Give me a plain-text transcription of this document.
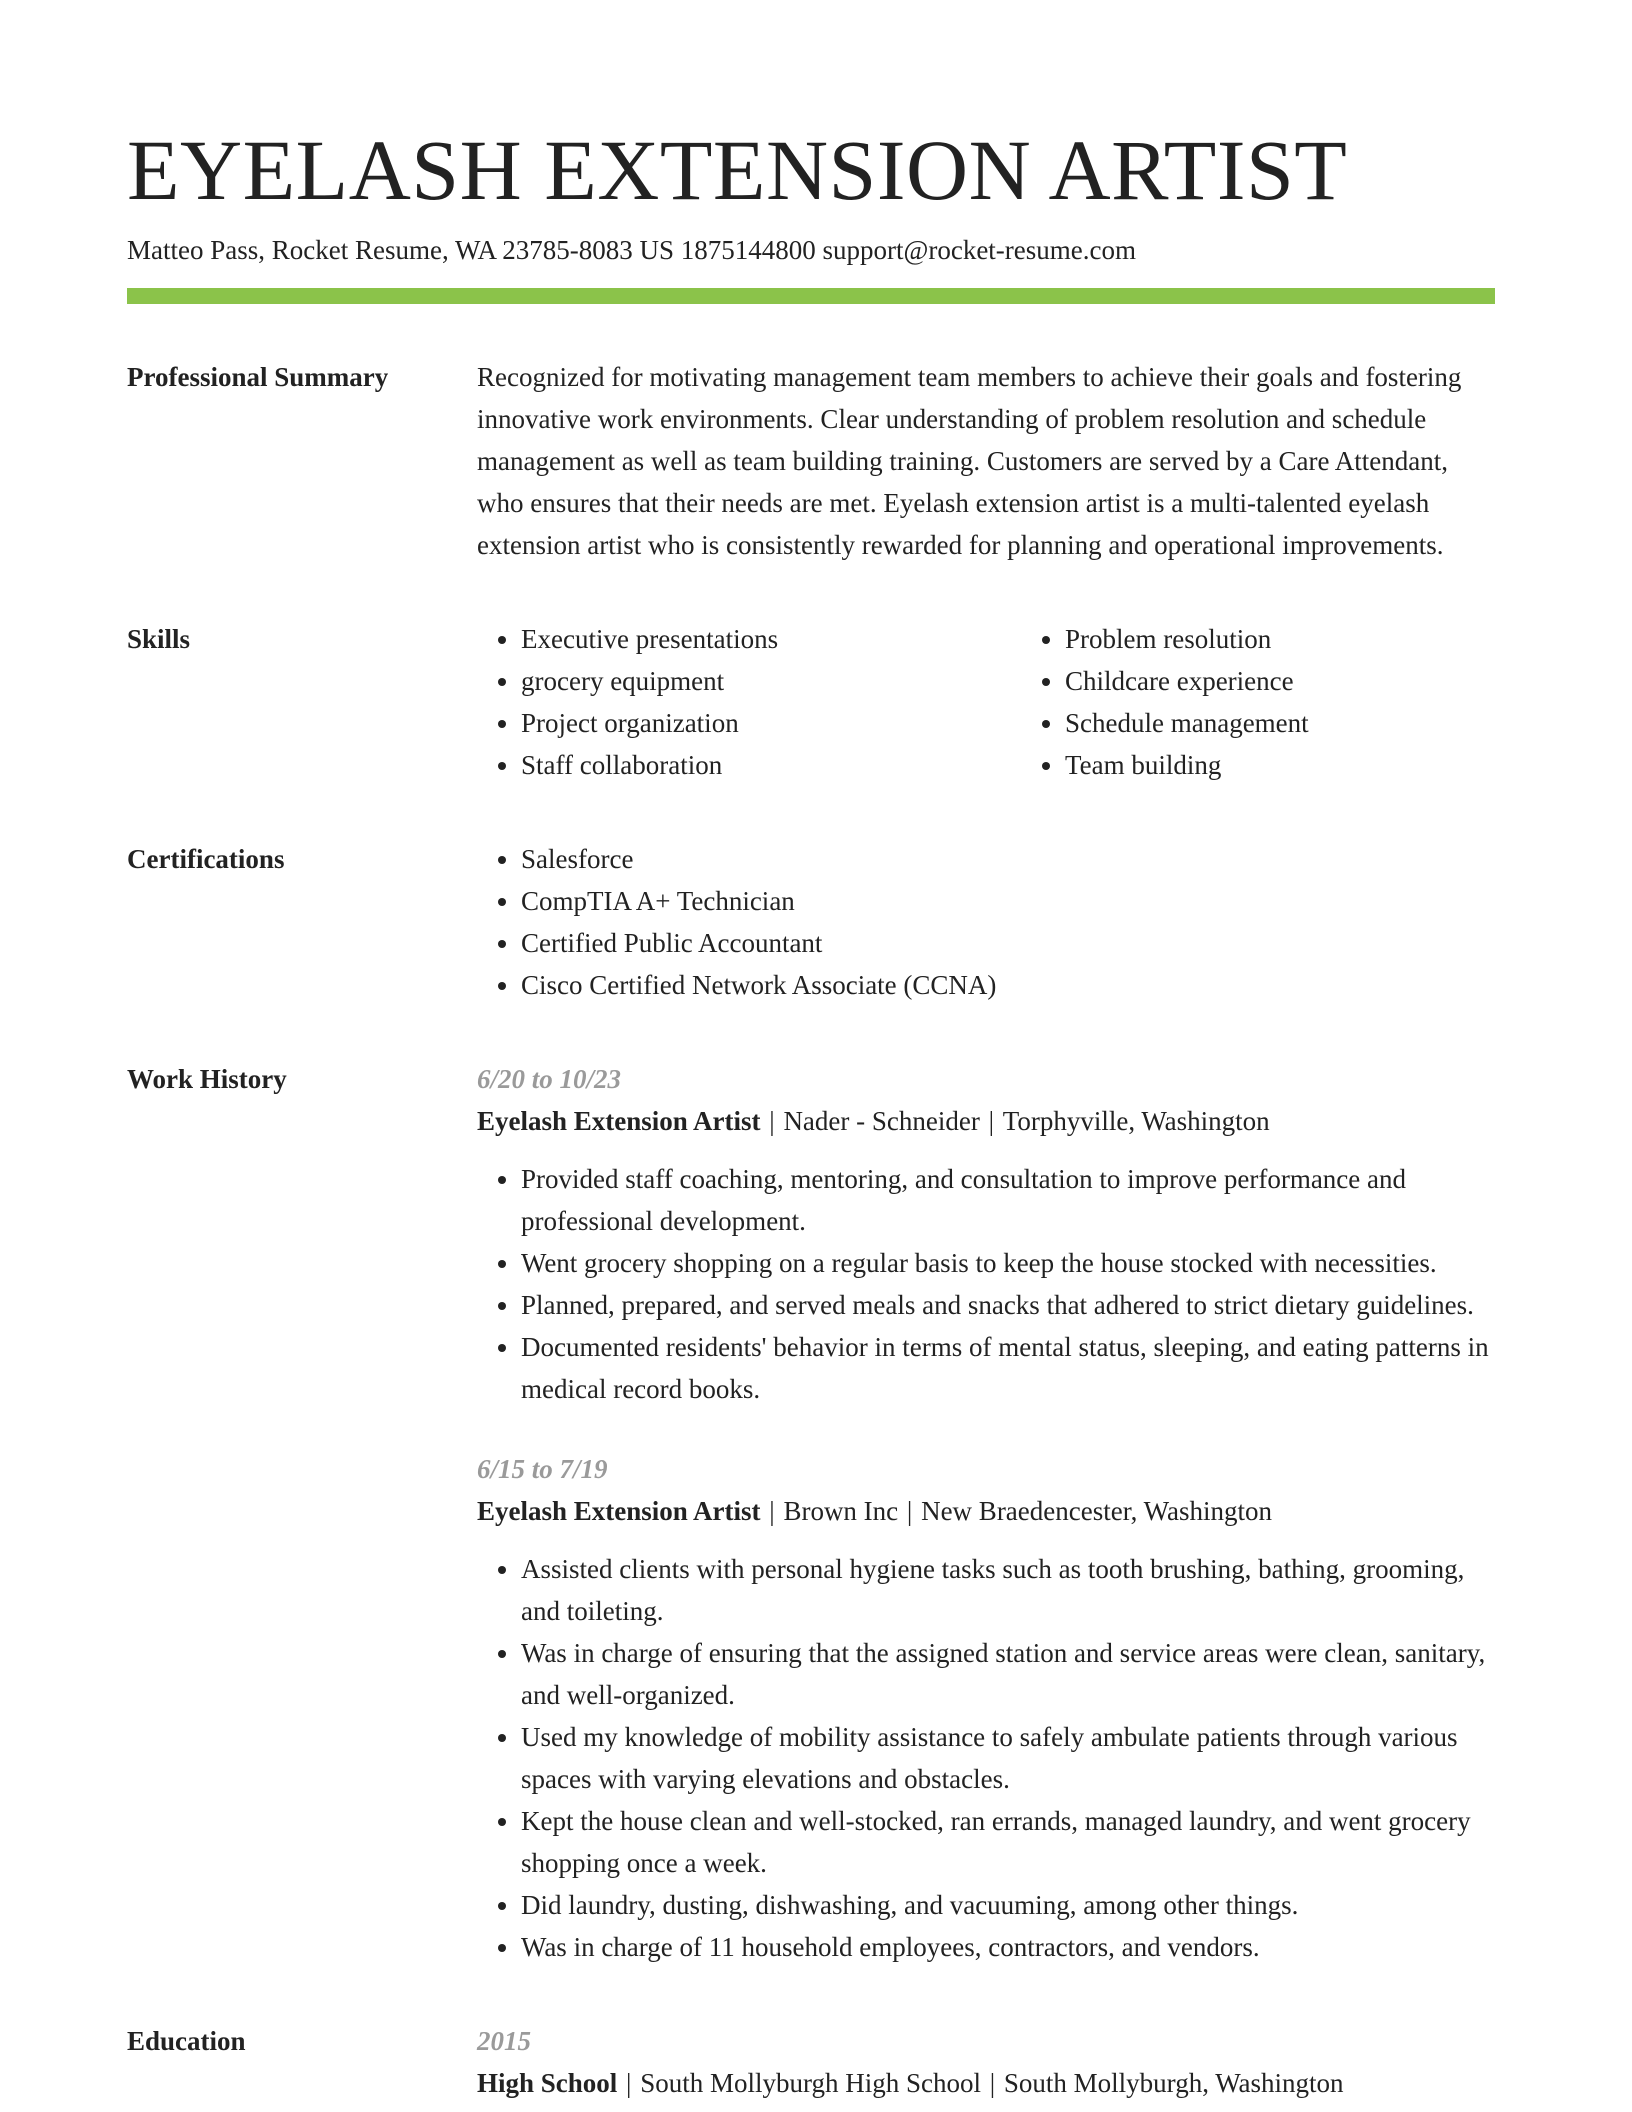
EYELASH EXTENSION ARTIST
Matteo Pass, Rocket Resume, WA 23785-8083 US 1875144800 support@rocket-resume.com
Professional Summary	Recognized for motivating management team members to achieve their goals and fostering innovative work environments. Clear understanding of problem resolution and schedule management as well as team building training. Customers are served by a Care Attendant, who ensures that their needs are met. Eyelash extension artist is a multi-talented eyelash extension artist who is consistently rewarded for planning and operational improvements.

Skills	• Executive presentations
• grocery equipment
• Project organization
• Staff collaboration
• Problem resolution
• Childcare experience
• Schedule management
• Team building
Certifications	• Salesforce
• CompTIA A+ Technician
• Certified Public Accountant
• Cisco Certified Network Associate (CCNA)
Work History	6/20 to 10/23
Eyelash Extension Artist | Nader - Schneider | Torphyville, Washington
• Provided staff coaching, mentoring, and consultation to improve performance and professional development.
• Went grocery shopping on a regular basis to keep the house stocked with necessities.
• Planned, prepared, and served meals and snacks that adhered to strict dietary guidelines.
• Documented residents' behavior in terms of mental status, sleeping, and eating patterns in medical record books.
6/15 to 7/19
Eyelash Extension Artist | Brown Inc | New Braedencester, Washington
• Assisted clients with personal hygiene tasks such as tooth brushing, bathing, grooming, and toileting.
• Was in charge of ensuring that the assigned station and service areas were clean, sanitary, and well-organized.
• Used my knowledge of mobility assistance to safely ambulate patients through various spaces with varying elevations and obstacles.
• Kept the house clean and well-stocked, ran errands, managed laundry, and went grocery shopping once a week.
• Did laundry, dusting, dishwashing, and vacuuming, among other things.
• Was in charge of 11 household employees, contractors, and vendors.
Education	2015
High School | South Mollyburgh High School | South Mollyburgh, Washington
